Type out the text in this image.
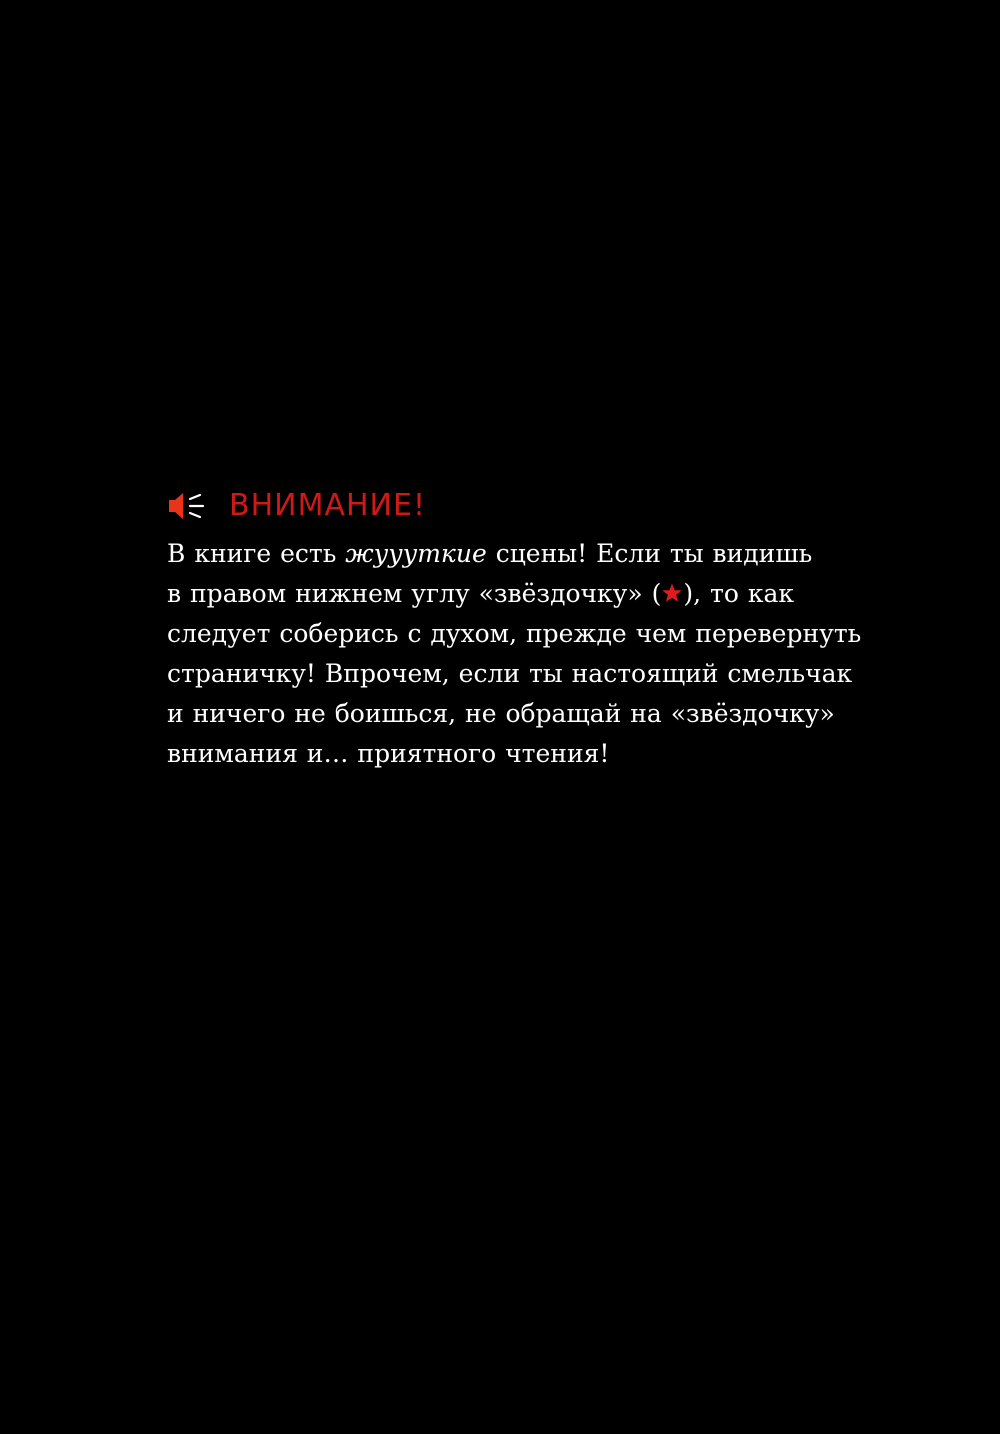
ВНИМАНИЕ!

В книге есть жуууткие сцены! Если ты видишь
в правом нижнем углу «звёздочку» ( ), то как
следует соберись с духом, прежде чем перевернуть
страничку! Впрочем, если ты настоящий смельчак
и ничего не боишься, не обращай на «звёздочку»
внимания и… приятного чтения!
